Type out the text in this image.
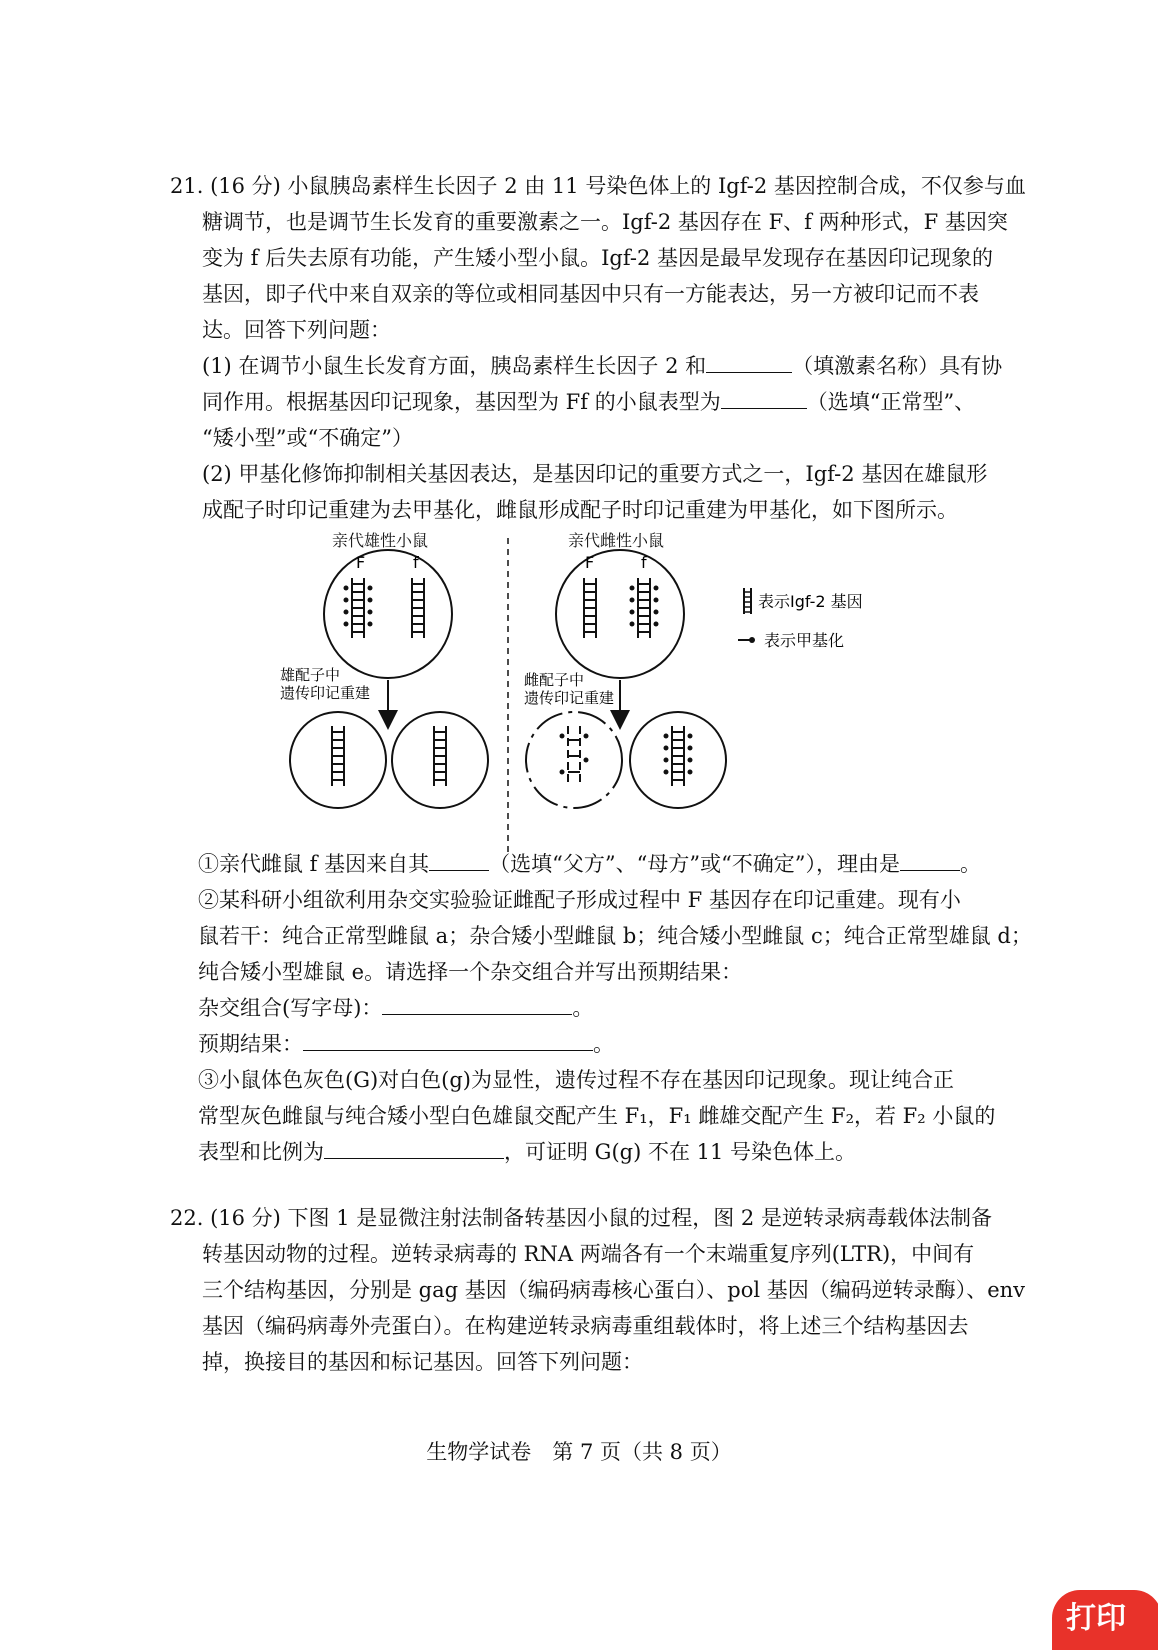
21. (16 分) 小鼠胰岛素样生长因子 2 由 11 号染色体上的 Igf-2 基因控制合成，不仅参与血
糖调节，也是调节生长发育的重要激素之一。Igf-2 基因存在 F、f 两种形式，F 基因突
变为 f 后失去原有功能，产生矮小型小鼠。Igf-2 基因是最早发现存在基因印记现象的
基因，即子代中来自双亲的等位或相同基因中只有一方能表达，另一方被印记而不表
达。回答下列问题：
(1) 在调节小鼠生长发育方面，胰岛素样生长因子 2 和	（填激素名称）具有协
同作用。根据基因印记现象，基因型为 Ff 的小鼠表型为	（选填“正常型”、
“矮小型”或“不确定”）
(2) 甲基化修饰抑制相关基因表达，是基因印记的重要方式之一，Igf-2 基因在雄鼠形
成配子时印记重建为去甲基化，雌鼠形成配子时印记重建为甲基化，如下图所示。
亲代雄性小鼠	亲代雌性小鼠
F	f
雄配子中
遗传印记重建
F	f
雌配子中
遗传印记重建
表示Igf-2 基因
表示甲基化
①亲代雌鼠 f 基因来自其	（选填“父方”、“母方”或“不确定”），理由是	。
②某科研小组欲利用杂交实验验证雌配子形成过程中 F 基因存在印记重建。现有小
鼠若干：纯合正常型雌鼠 a；杂合矮小型雌鼠 b；纯合矮小型雌鼠 c；纯合正常型雄鼠 d；
纯合矮小型雄鼠 e。请选择一个杂交组合并写出预期结果：
杂交组合(写字母)：	。
预期结果：	。
③小鼠体色灰色(G)对白色(g)为显性，遗传过程不存在基因印记现象。现让纯合正
常型灰色雌鼠与纯合矮小型白色雄鼠交配产生 F₁，F₁ 雌雄交配产生 F₂，若 F₂ 小鼠的
表型和比例为	，可证明 G(g) 不在 11 号染色体上。
22. (16 分) 下图 1 是显微注射法制备转基因小鼠的过程，图 2 是逆转录病毒载体法制备
转基因动物的过程。逆转录病毒的 RNA 两端各有一个末端重复序列(LTR)，中间有
三个结构基因，分别是 gag 基因（编码病毒核心蛋白）、pol 基因（编码逆转录酶）、env
基因（编码病毒外壳蛋白）。在构建逆转录病毒重组载体时，将上述三个结构基因去
掉，换接目的基因和标记基因。回答下列问题：
生物学试卷　第 7 页（共 8 页）
打印
